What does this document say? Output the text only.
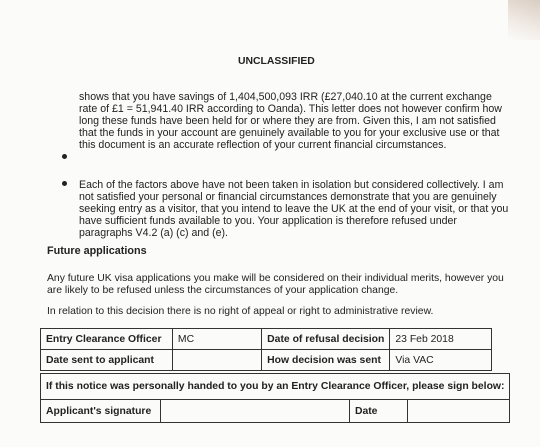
UNCLASSIFIED
shows that you have savings of 1,404,500,093 IRR (£27,040.10 at the current exchange
rate of £1 = 51,941.40 IRR according to Oanda). This letter does not however confirm how
long these funds have been held for or where they are from. Given this, I am not satisfied
that the funds in your account are genuinely available to you for your exclusive use or that
this document is an accurate reflection of your current financial circumstances.
Each of the factors above have not been taken in isolation but considered collectively. I am
not satisfied your personal or financial circumstances demonstrate that you are genuinely
seeking entry as a visitor, that you intend to leave the UK at the end of your visit, or that you
have sufficient funds available to you. Your application is therefore refused under
paragraphs V4.2 (a) (c) and (e).
Future applications
Any future UK visa applications you make will be considered on their individual merits, however you
are likely to be refused unless the circumstances of your application change.
In relation to this decision there is no right of appeal or right to administrative review.
Entry Clearance Officer	MC	Date of refusal decision	23 Feb 2018
Date sent to applicant		How decision was sent	Via VAC
If this notice was personally handed to you by an Entry Clearance Officer, please sign below:
Applicant's signature		Date	
